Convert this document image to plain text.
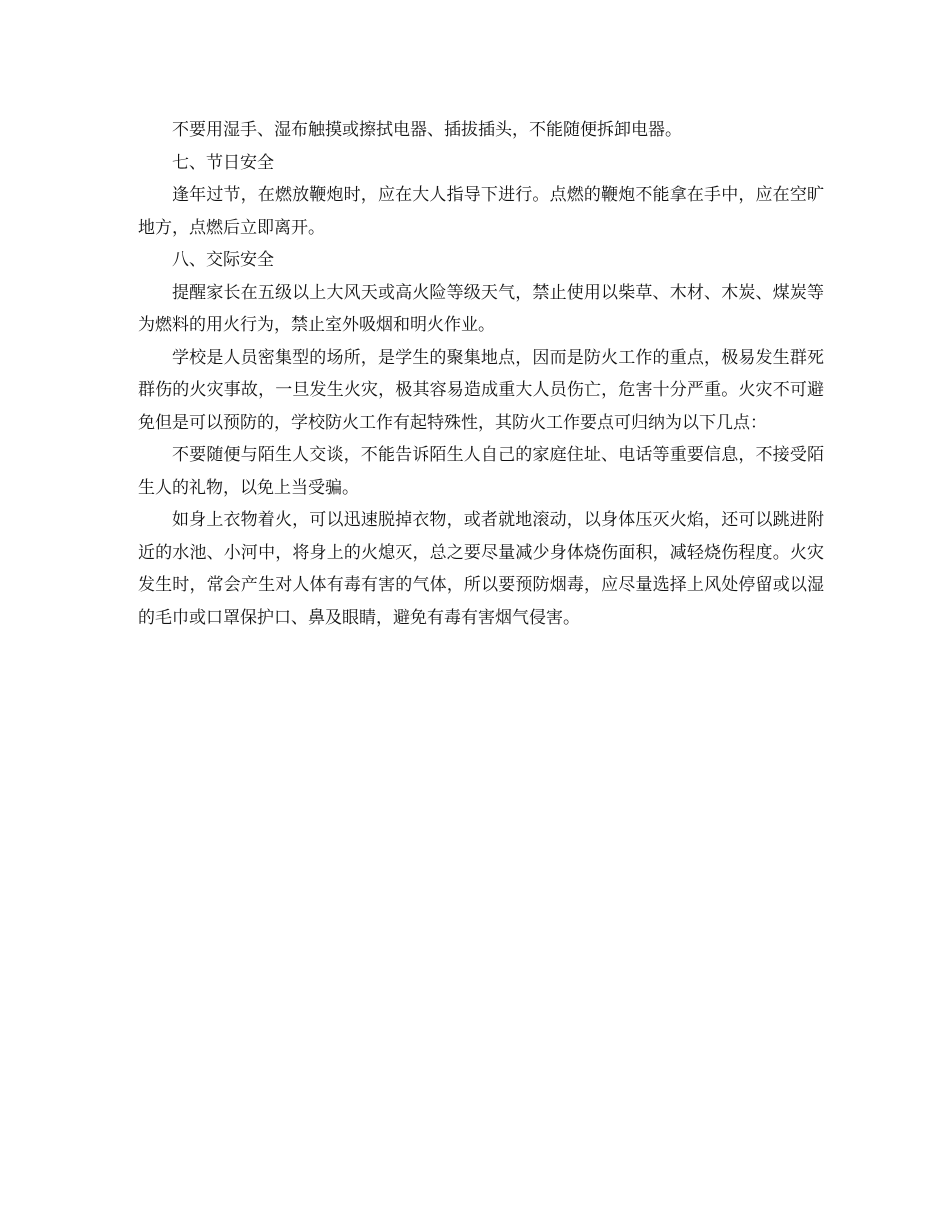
不要用湿手、湿布触摸或擦拭电器、插拔插头，不能随便拆卸电器。

七、节日安全

逢年过节，在燃放鞭炮时，应在大人指导下进行。点燃的鞭炮不能拿在手中，应在空旷地方，点燃后立即离开。

八、交际安全

提醒家长在五级以上大风天或高火险等级天气，禁止使用以柴草、木材、木炭、煤炭等为燃料的用火行为，禁止室外吸烟和明火作业。

学校是人员密集型的场所，是学生的聚集地点，因而是防火工作的重点，极易发生群死群伤的火灾事故，一旦发生火灾，极其容易造成重大人员伤亡，危害十分严重。火灾不可避免但是可以预防的，学校防火工作有起特殊性，其防火工作要点可归纳为以下几点：

不要随便与陌生人交谈，不能告诉陌生人自己的家庭住址、电话等重要信息，不接受陌生人的礼物，以免上当受骗。

如身上衣物着火，可以迅速脱掉衣物，或者就地滚动，以身体压灭火焰，还可以跳进附近的水池、小河中，将身上的火熄灭，总之要尽量减少身体烧伤面积，减轻烧伤程度。火灾发生时，常会产生对人体有毒有害的气体，所以要预防烟毒，应尽量选择上风处停留或以湿的毛巾或口罩保护口、鼻及眼睛，避免有毒有害烟气侵害。
